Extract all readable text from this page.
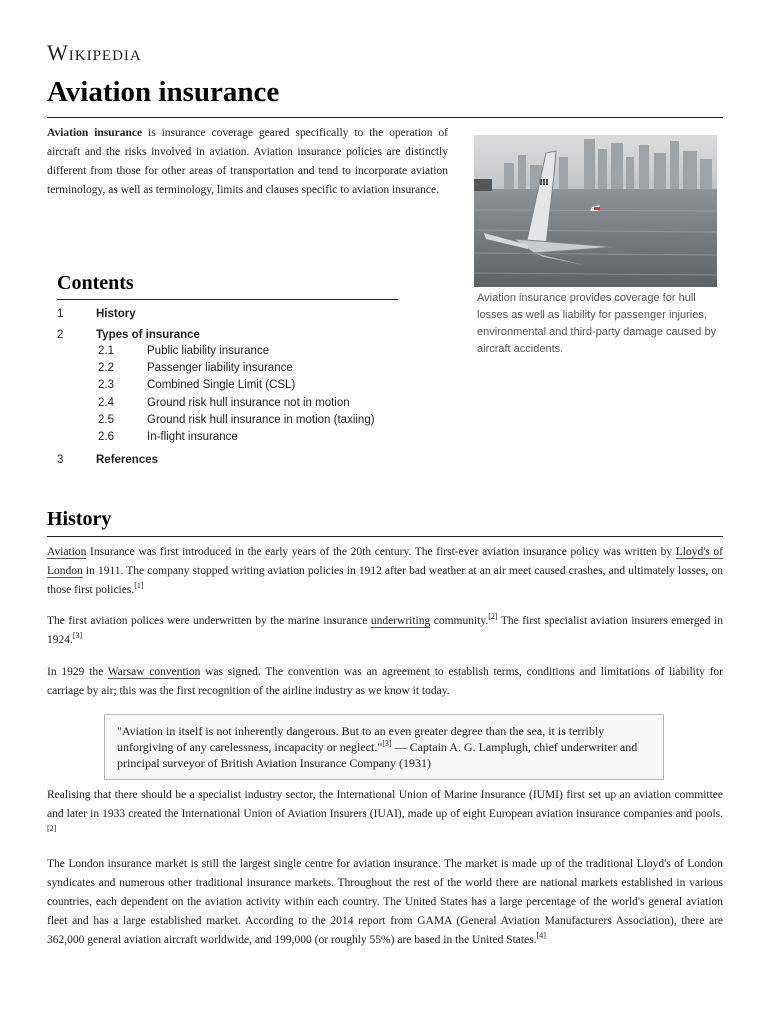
Wikipedia
Aviation insurance

Aviation insurance is insurance coverage geared specifically to the operation of aircraft and the risks involved in aviation. Aviation insurance policies are distinctly different from those for other areas of transportation and tend to incorporate aviation terminology, as well as terminology, limits and clauses specific to aviation insurance.

Aviation insurance provides coverage for hull losses as well as liability for passenger injuries, environmental and third-party damage caused by aircraft accidents.
Contents
1	History
2	Types of insurance
2.1	Public liability insurance
2.2	Passenger liability insurance
2.3	Combined Single Limit (CSL)
2.4	Ground risk hull insurance not in motion
2.5	Ground risk hull insurance in motion (taxiing)
2.6	In-flight insurance
3	References
History

Aviation Insurance was first introduced in the early years of the 20th century. The first-ever aviation insurance policy was written by Lloyd's of London in 1911. The company stopped writing aviation policies in 1912 after bad weather at an air meet caused crashes, and ultimately losses, on those first policies.[1]

The first aviation polices were underwritten by the marine insurance underwriting community.[2] The first specialist aviation insurers emerged in 1924.[3]

In 1929 the Warsaw convention was signed. The convention was an agreement to establish terms, conditions and limitations of liability for carriage by air; this was the first recognition of the airline industry as we know it today.

"Aviation in itself is not inherently dangerous. But to an even greater degree than the sea, it is terribly unforgiving of any carelessness, incapacity or neglect."[3] — Captain A. G. Lamplugh, chief underwriter and principal surveyor of British Aviation Insurance Company (1931)

Realising that there should be a specialist industry sector, the International Union of Marine Insurance (IUMI) first set up an aviation committee and later in 1933 created the International Union of Aviation Insurers (IUAI), made up of eight European aviation insurance companies and pools.[2]

The London insurance market is still the largest single centre for aviation insurance. The market is made up of the traditional Lloyd's of London syndicates and numerous other traditional insurance markets. Throughout the rest of the world there are national markets established in various countries, each dependent on the aviation activity within each country. The United States has a large percentage of the world's general aviation fleet and has a large established market. According to the 2014 report from GAMA (General Aviation Manufacturers Association), there are 362,000 general aviation aircraft worldwide, and 199,000 (or roughly 55%) are based in the United States.[4]
